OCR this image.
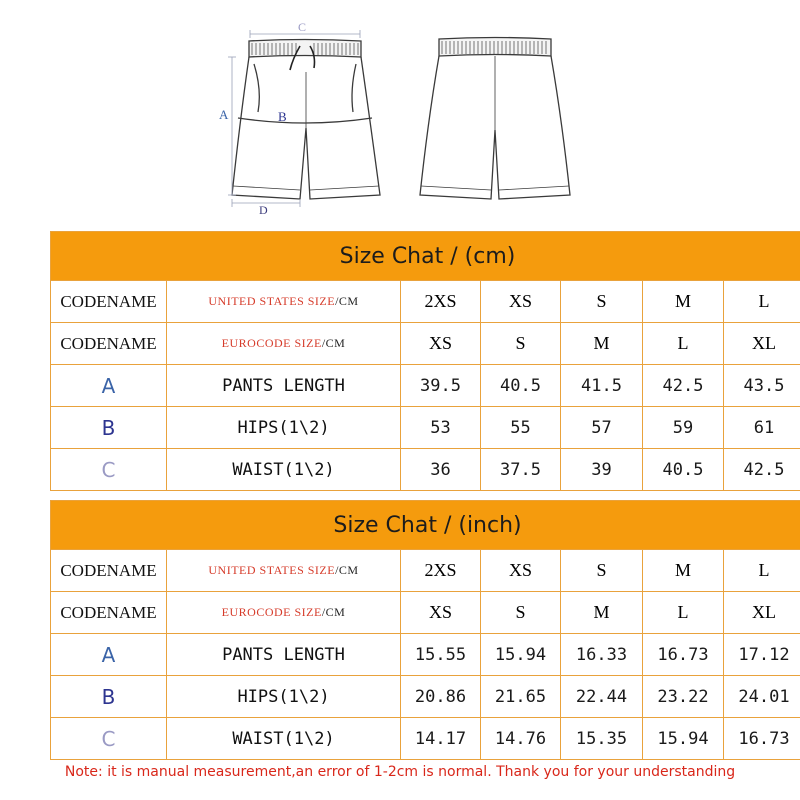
C
A	B
D
Size Chat / (cm)						
CODENAME	UNITED STATES SIZE/CM	2XS	XS	S	M	L
CODENAME	EUROCODE SIZE/CM	XS	S	M	L	XL
A	PANTS LENGTH	39.5	40.5	41.5	42.5	43.5
B	HIPS(1\2)	53	55	57	59	61
C	WAIST(1\2)	36	37.5	39	40.5	42.5
Size Chat / (inch)						
CODENAME	UNITED STATES SIZE/CM	2XS	XS	S	M	L
CODENAME	EUROCODE SIZE/CM	XS	S	M	L	XL
A	PANTS LENGTH	15.55	15.94	16.33	16.73	17.12
B	HIPS(1\2)	20.86	21.65	22.44	23.22	24.01
C	WAIST(1\2)	14.17	14.76	15.35	15.94	16.73
Note: it is manual measurement,an error of 1-2cm is normal. Thank you for your understanding
